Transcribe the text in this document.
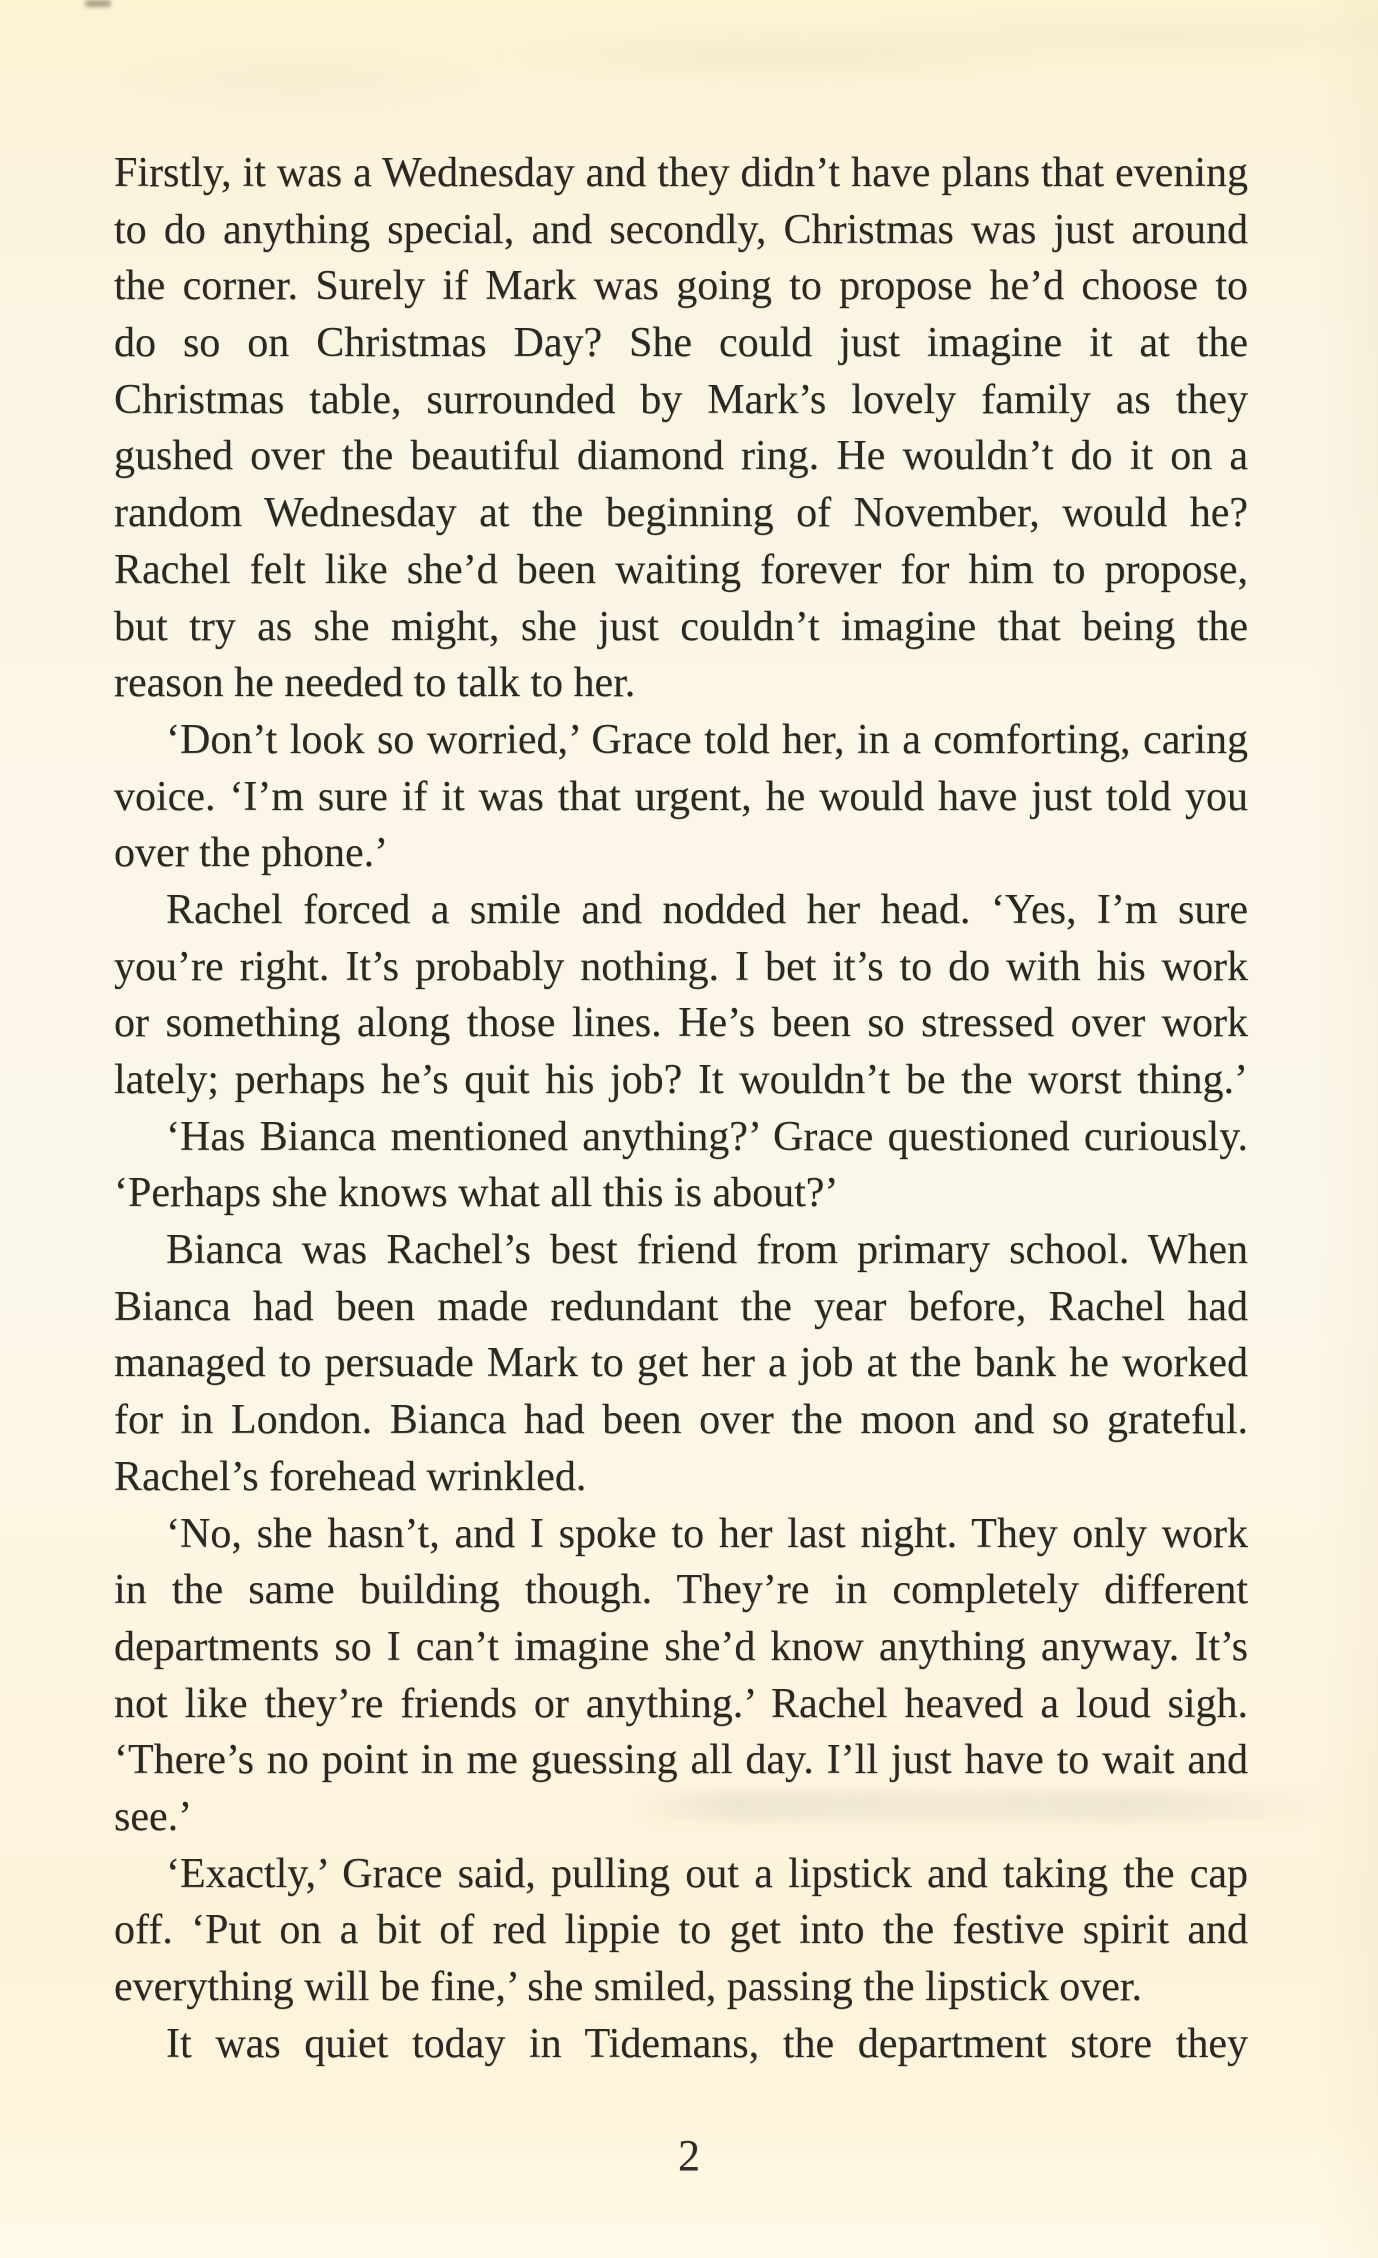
Firstly, it was a Wednesday and they didn’t have plans that evening
to do anything special, and secondly, Christmas was just around
the corner. Surely if Mark was going to propose he’d choose to
do so on Christmas Day? She could just imagine it at the
Christmas table, surrounded by Mark’s lovely family as they
gushed over the beautiful diamond ring. He wouldn’t do it on a
random Wednesday at the beginning of November, would he?
Rachel felt like she’d been waiting forever for him to propose,
but try as she might, she just couldn’t imagine that being the
reason he needed to talk to her.
‘Don’t look so worried,’ Grace told her, in a comforting, caring
voice. ‘I’m sure if it was that urgent, he would have just told you
over the phone.’
Rachel forced a smile and nodded her head. ‘Yes, I’m sure
you’re right. It’s probably nothing. I bet it’s to do with his work
or something along those lines. He’s been so stressed over work
lately; perhaps he’s quit his job? It wouldn’t be the worst thing.’
‘Has Bianca mentioned anything?’ Grace questioned curiously.
‘Perhaps she knows what all this is about?’
Bianca was Rachel’s best friend from primary school. When
Bianca had been made redundant the year before, Rachel had
managed to persuade Mark to get her a job at the bank he worked
for in London. Bianca had been over the moon and so grateful.
Rachel’s forehead wrinkled.
‘No, she hasn’t, and I spoke to her last night. They only work
in the same building though. They’re in completely different
departments so I can’t imagine she’d know anything anyway. It’s
not like they’re friends or anything.’ Rachel heaved a loud sigh.
‘There’s no point in me guessing all day. I’ll just have to wait and
see.’
‘Exactly,’ Grace said, pulling out a lipstick and taking the cap
off. ‘Put on a bit of red lippie to get into the festive spirit and
everything will be fine,’ she smiled, passing the lipstick over.
It was quiet today in Tidemans, the department store they
2
